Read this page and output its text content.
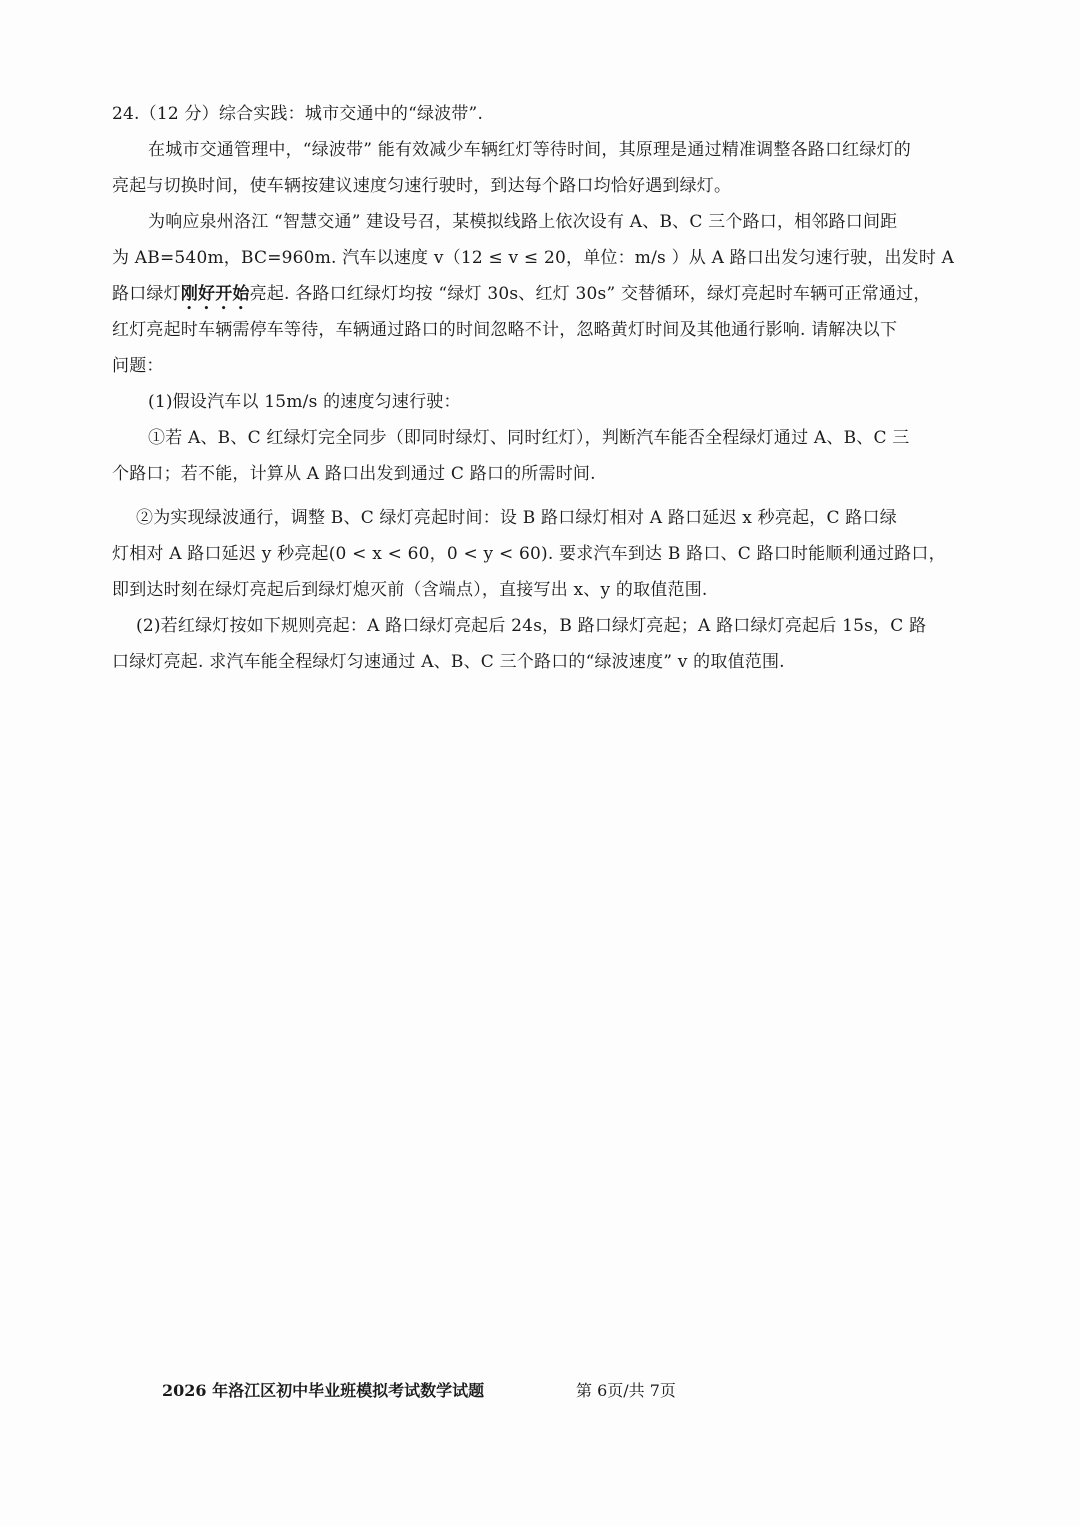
24.（12 分）综合实践：城市交通中的“绿波带”.
在城市交通管理中，“绿波带” 能有效减少车辆红灯等待时间，其原理是通过精准调整各路口红绿灯的
亮起与切换时间，使车辆按建议速度匀速行驶时，到达每个路口均恰好遇到绿灯。
为响应泉州洛江 “智慧交通” 建设号召，某模拟线路上依次设有 A、B、C 三个路口，相邻路口间距
为 AB=540m，BC=960m. 汽车以速度 v（12 ≤ v ≤ 20，单位：m/s ）从 A 路口出发匀速行驶，出发时 A
路口绿灯刚好开始亮起. 各路口红绿灯均按 “绿灯 30s、红灯 30s” 交替循环，绿灯亮起时车辆可正常通过，
红灯亮起时车辆需停车等待，车辆通过路口的时间忽略不计，忽略黄灯时间及其他通行影响. 请解决以下
问题：
(1)假设汽车以 15m/s 的速度匀速行驶：
①若 A、B、C 红绿灯完全同步（即同时绿灯、同时红灯），判断汽车能否全程绿灯通过 A、B、C 三
个路口；若不能，计算从 A 路口出发到通过 C 路口的所需时间.
②为实现绿波通行，调整 B、C 绿灯亮起时间：设 B 路口绿灯相对 A 路口延迟 x 秒亮起，C 路口绿
灯相对 A 路口延迟 y 秒亮起(0 < x < 60，0 < y < 60). 要求汽车到达 B 路口、C 路口时能顺利通过路口，
即到达时刻在绿灯亮起后到绿灯熄灭前（含端点），直接写出 x、y 的取值范围.
(2)若红绿灯按如下规则亮起：A 路口绿灯亮起后 24s，B 路口绿灯亮起；A 路口绿灯亮起后 15s，C 路
口绿灯亮起. 求汽车能全程绿灯匀速通过 A、B、C 三个路口的“绿波速度” v 的取值范围.
2026 年洛江区初中毕业班模拟考试数学试题	第 6页/共 7页
